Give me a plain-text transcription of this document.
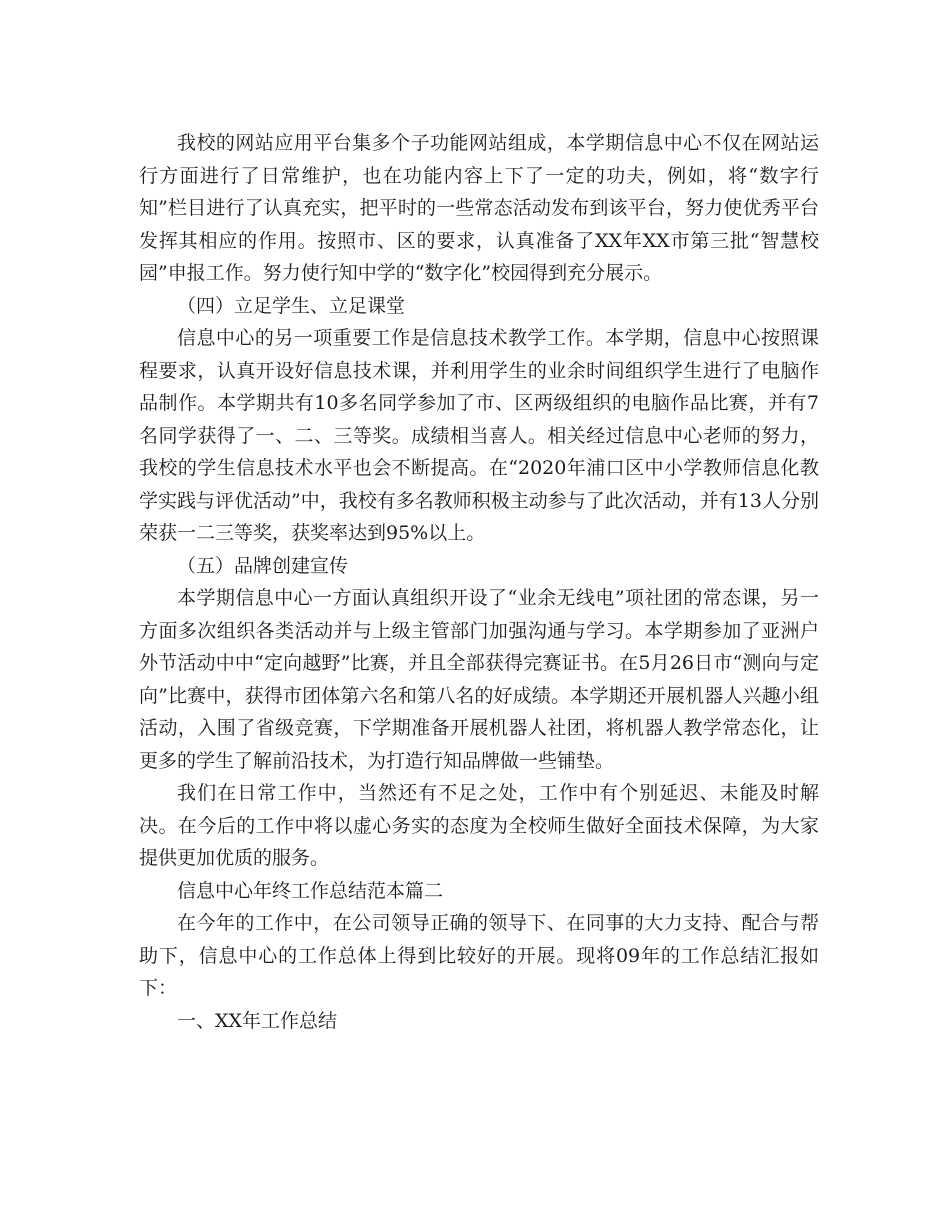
我校的网站应用平台集多个子功能网站组成，本学期信息中心不仅在网站运行方面进行了日常维护，也在功能内容上下了一定的功夫，例如，将“数字行知”栏目进行了认真充实，把平时的一些常态活动发布到该平台，努力使优秀平台发挥其相应的作用。按照市、区的要求，认真准备了XX年XX市第三批“智慧校园”申报工作。努力使行知中学的“数字化”校园得到充分展示。

（四）立足学生、立足课堂

信息中心的另一项重要工作是信息技术教学工作。本学期，信息中心按照课程要求，认真开设好信息技术课，并利用学生的业余时间组织学生进行了电脑作品制作。本学期共有10多名同学参加了市、区两级组织的电脑作品比赛，并有7名同学获得了一、二、三等奖。成绩相当喜人。相关经过信息中心老师的努力，我校的学生信息技术水平也会不断提高。在“2020年浦口区中小学教师信息化教学实践与评优活动”中，我校有多名教师积极主动参与了此次活动，并有13人分别荣获一二三等奖，获奖率达到95%以上。

（五）品牌创建宣传

本学期信息中心一方面认真组织开设了“业余无线电”项社团的常态课，另一方面多次组织各类活动并与上级主管部门加强沟通与学习。本学期参加了亚洲户外节活动中中“定向越野”比赛，并且全部获得完赛证书。在5月26日市“测向与定向”比赛中，获得市团体第六名和第八名的好成绩。本学期还开展机器人兴趣小组活动，入围了省级竞赛，下学期准备开展机器人社团，将机器人教学常态化，让更多的学生了解前沿技术，为打造行知品牌做一些铺垫。

我们在日常工作中，当然还有不足之处，工作中有个别延迟、未能及时解决。在今后的工作中将以虚心务实的态度为全校师生做好全面技术保障，为大家提供更加优质的服务。

信息中心年终工作总结范本篇二

在今年的工作中，在公司领导正确的领导下、在同事的大力支持、配合与帮助下，信息中心的工作总体上得到比较好的开展。现将09年的工作总结汇报如下：

一、XX年工作总结
